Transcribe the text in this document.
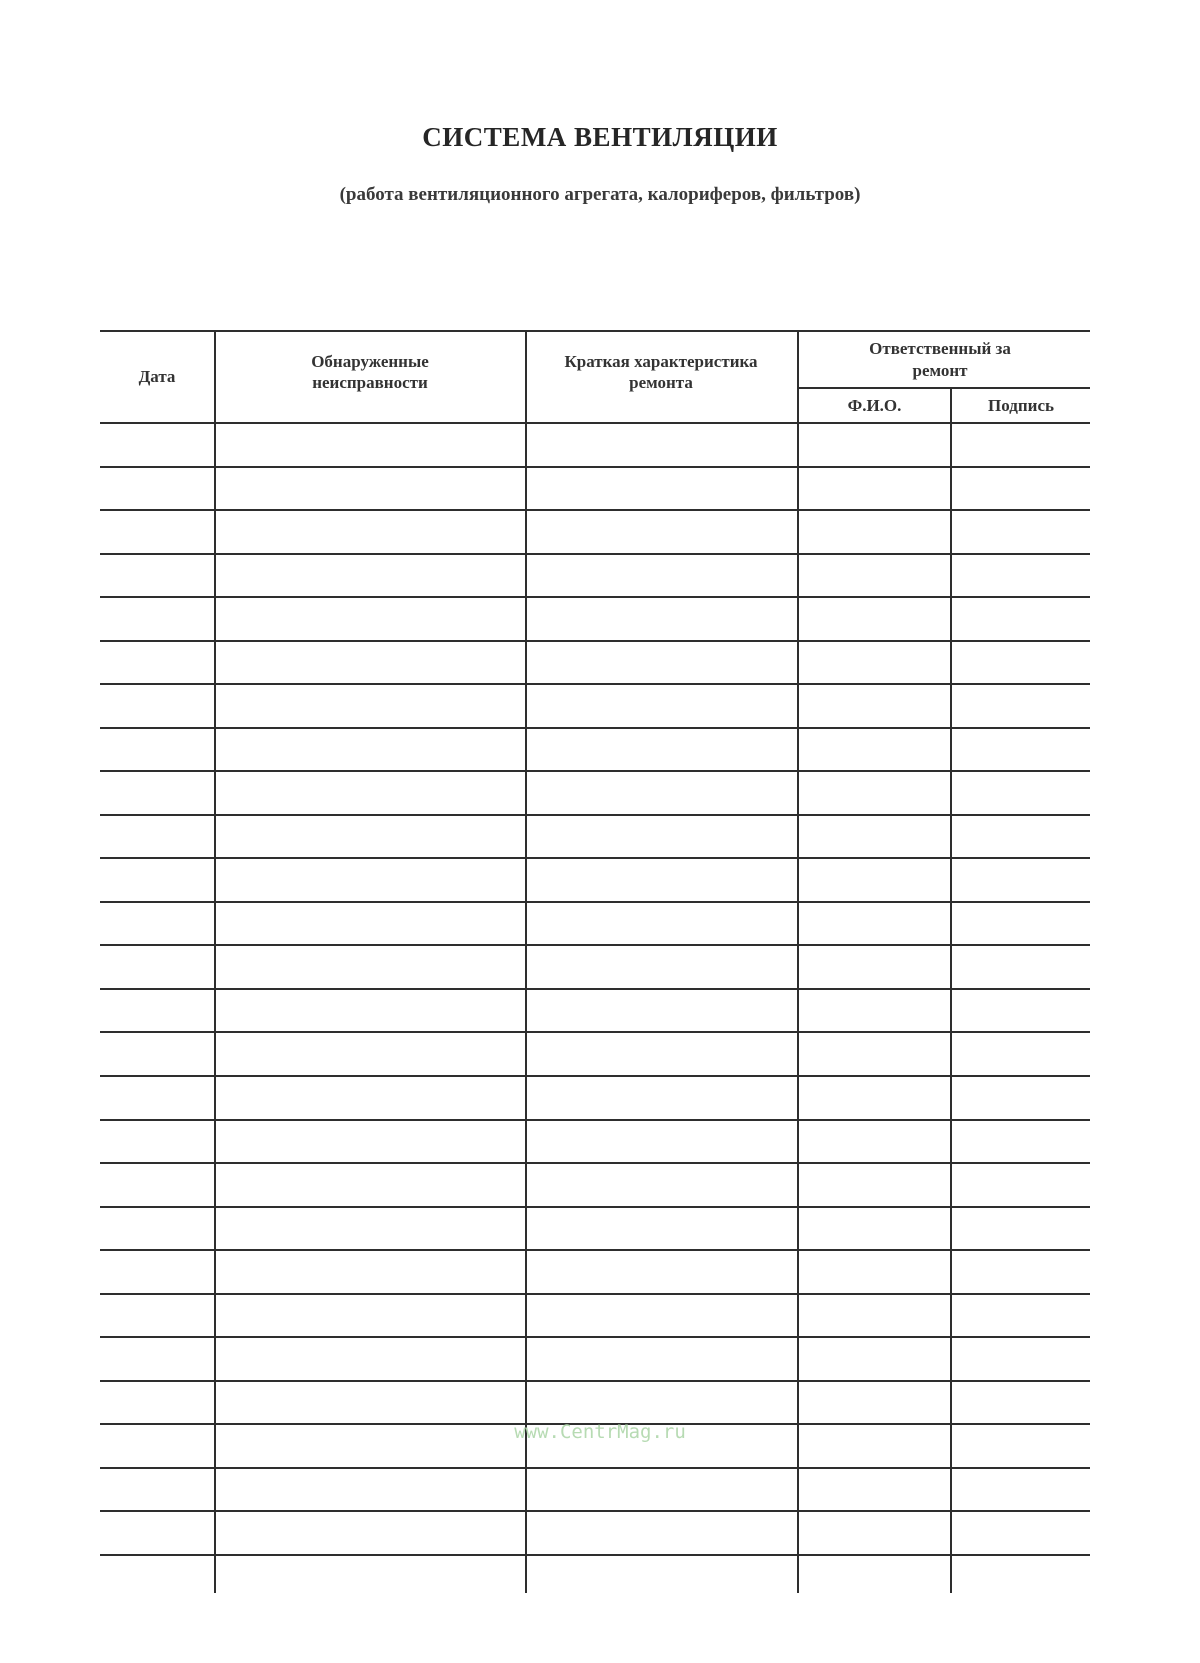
СИСТЕМА ВЕНТИЛЯЦИИ
(работа вентиляционного агрегата, калориферов, фильтров)
Дата
Обнаруженные неисправности
Краткая характеристика ремонта
Ответственный за ремонт
Ф.И.О.	Подпись
www.CentrMag.ru
